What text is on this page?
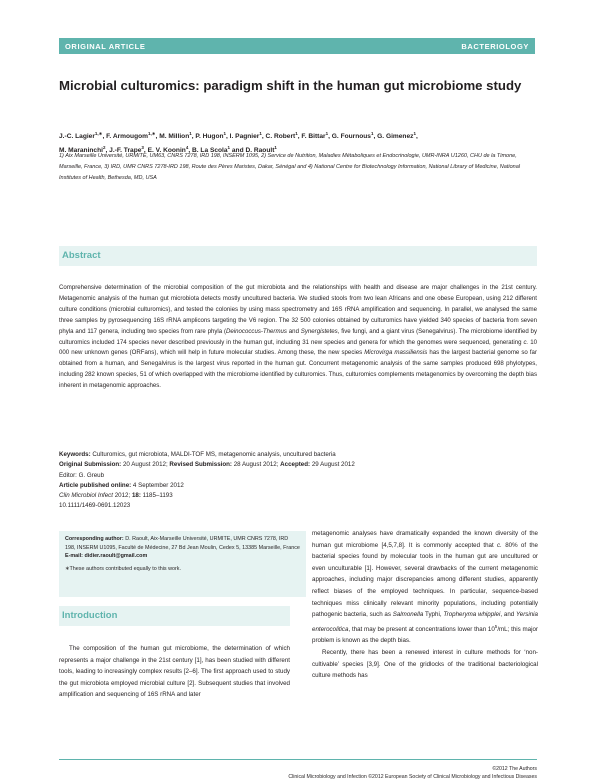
ORIGINAL ARTICLE	BACTERIOLOGY
Microbial culturomics: paradigm shift in the human gut microbiome study
J.-C. Lagier$^{1,∗}$, F. Armougom$^{1,∗}$, M. Million$^1$, P. Hugon$^1$, I. Pagnier$^1$, C. Robert$^1$, F. Bittar$^1$, G. Fournous$^1$, G. Gimenez$^1$,
M. Maraninchi$^2$, J.-F. Trape$^3$, E. V. Koonin$^4$, B. La Scola$^1$ and D. Raoult$^1$
1) Aix Marseille Université, URMITE, UM63, CNRS 7278, IRD 198, INSERM 1095, 2) Service de Nutrition, Maladies Métaboliques et Endocrinologie, UMR-INRA U1260, CHU de la Timone, Marseille, France, 3) IRD, UMR CNRS 7278-IRD 198, Route des Pères Maristes, Dakar, Sénégal and 4) National Centre for Biotechnology Information, National Library of Medicine, National Institutes of Health, Bethesda, MD, USA
Abstract
Comprehensive determination of the microbial composition of the gut microbiota and the relationships with health and disease are major challenges in the 21st century. Metagenomic analysis of the human gut microbiota detects mostly uncultured bacteria. We studied stools from two lean Africans and one obese European, using 212 different culture conditions (microbial culturomics), and tested the colonies by using mass spectrometry and 16S rRNA amplification and sequencing. In parallel, we analysed the same three samples by pyrosequencing 16S rRNA amplicons targeting the V6 region. The 32 500 colonies obtained by culturomics have yielded 340 species of bacteria from seven phyla and 117 genera, including two species from rare phyla (Deinococcus-Thermus and Synergistetes, five fungi, and a giant virus (Senegalvirus). The microbiome identified by culturomics included 174 species never described previously in the human gut, including 31 new species and genera for which the genomes were sequenced, generating c. 10 000 new unknown genes (ORFans), which will help in future molecular studies. Among these, the new species Microvirga massiliensis has the largest bacterial genome so far obtained from a human, and Senegalvirus is the largest virus reported in the human gut. Concurrent metagenomic analysis of the same samples produced 698 phylotypes, including 282 known species, 51 of which overlapped with the microbiome identified by culturomics. Thus, culturomics complements metagenomics by overcoming the depth bias inherent in metagenomic approaches.
Keywords: Culturomics, gut microbiota, MALDI-TOF MS, metagenomic analysis, uncultured bacteria
Original Submission: 20 August 2012; Revised Submission: 28 August 2012; Accepted: 29 August 2012
Editor: G. Greub
Article published online: 4 September 2012
Clin Microbiol Infect 2012; 18: 1185–1193
10.1111/1469-0691.12023
Corresponding author: D. Raoult, Aix-Marseille Université, URMITE, UMR CNRS 7278, IRD 198, INSERM U1095, Faculté de Médecine, 27 Bd Jean Moulin, Cedex 5, 13385 Marseille, France
E-mail: didier.raoult@gmail.com
∗These authors contributed equally to this work.
Introduction

The composition of the human gut microbiome, the determination of which represents a major challenge in the 21st century [1], has been studied with different tools, leading to increasingly complex results [2–6]. The first approach used to study the gut microbiota employed microbial culture [2]. Subsequent studies that involved amplification and sequencing of 16S rRNA and later

metagenomic analyses have dramatically expanded the known diversity of the human gut microbiome [4,5,7,8]. It is commonly accepted that c. 80% of the bacterial species found by molecular tools in the human gut are uncultured or even unculturable [1]. However, several drawbacks of the current metagenomic approaches, including major discrepancies among different studies, apparently reflect biases of the employed techniques. In particular, sequence-based techniques miss clinically relevant minority populations, including potentially pathogenic bacteria, such as Salmonella Typhi, Tropheryma whipplei, and Yersinia enterocolitica, that may be present at concentrations lower than $10^5/mL$; this major problem is known as the depth bias.

Recently, there has been a renewed interest in culture methods for ‘non-cultivable’ species [3,9]. One of the gridlocks of the traditional bacteriological culture methods has

©2012 The Authors
Clinical Microbiology and Infection ©2012 European Society of Clinical Microbiology and Infectious Diseases
